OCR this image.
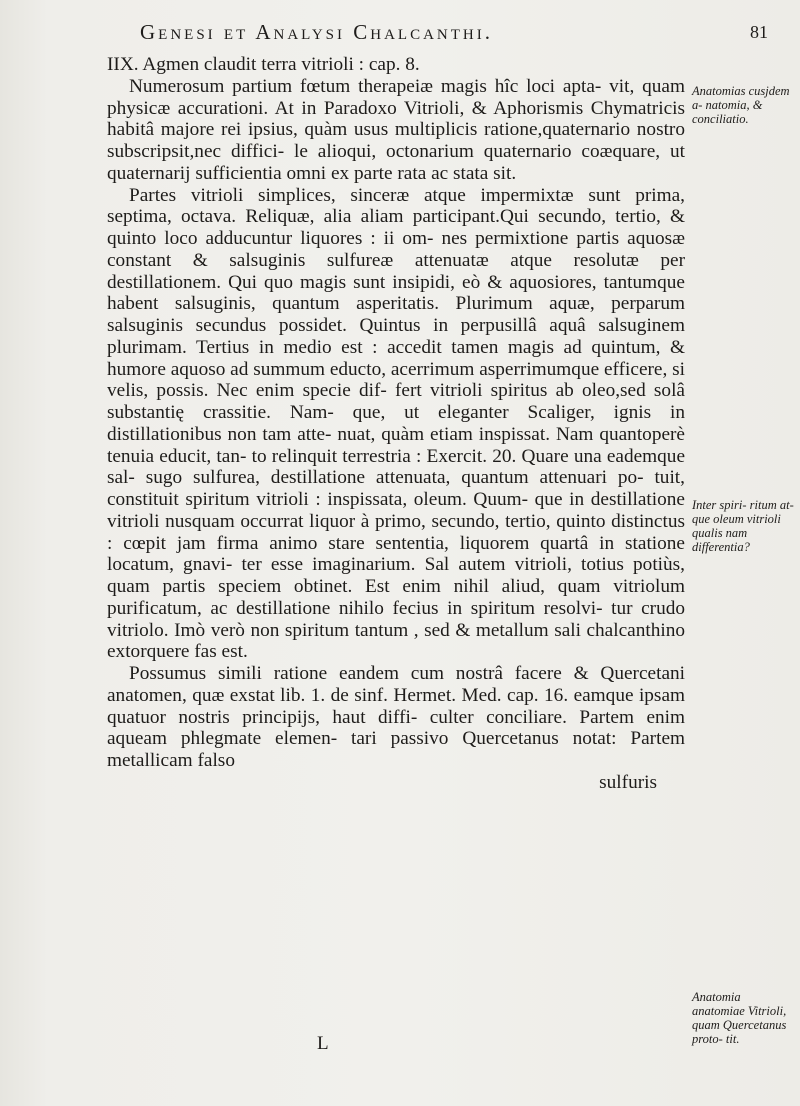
Genesi et Analysi Chalcanthi.	81

IIX. Agmen claudit terra vitrioli : cap. 8.

Numerosum partium fœtum therapeiæ magis hîc loci apta- vit, quam physicæ accurationi. At in Paradoxo Vitrioli, & Aphorismis Chymatricis habitâ majore rei ipsius, quàm usus multiplicis ratione,quaternario nostro subscripsit,nec diffici- le alioqui, octonarium quaternario coæquare, ut quaternarij sufficientia omni ex parte rata ac stata sit.

Partes vitrioli simplices, sinceræ atque impermixtæ sunt prima, septima, octava. Reliquæ, alia aliam participant.Qui secundo, tertio, & quinto loco adducuntur liquores : ii om- nes permixtione partis aquosæ constant & salsuginis sulfureæ attenuatæ atque resolutæ per destillationem. Qui quo magis sunt insipidi, eò & aquosiores, tantumque habent salsuginis, quantum asperitatis. Plurimum aquæ, perparum salsuginis secundus possidet. Quintus in perpusillâ aquâ salsuginem plurimam. Tertius in medio est : accedit tamen magis ad quintum, & humore aquoso ad summum eductο, acerrimum asperrimumque efficere, si velis, possis. Nec enim specie dif- fert vitrioli spiritus ab oleo,sed solâ substantię crassitie. Nam- que, ut eleganter Scaliger, ignis in distillationibus non tam atte- nuat, quàm etiam inspissat. Nam quantoperè tenuia educit, tan- to relinquit terrestria : Exercit. 20. Quare una eademque sal- sugo sulfurea, destillatione attenuata, quantum attenuari po- tuit, constituit spiritum vitrioli : inspissata, oleum. Quum- que in destillatione vitrioli nusquam occurrat liquor à primo, secundo, tertio, quinto distinctus : cœpit jam firma animo stare sententia, liquorem quartâ in statione locatum, gnavi- ter esse imaginarium. Sal autem vitrioli, totius potiùs, quam partis speciem obtinet. Est enim nihil aliud, quam vitriolum purificatum, ac destillatione nihilo fecius in spiritum resolvi- tur crudo vitriolo. Imò verò non spiritum tantum , sed & metallum sali chalcanthino extorquere fas est.

Possumus simili ratione eandem cum nostrâ facere & Quercetani anatomen, quæ exstat lib. 1. de sinf. Hermet. Med. cap. 16. eamque ipsam quatuor nostris principijs, haut diffi- culter conciliare. Partem enim aqueam phlegmate elemen- tari passivo Quercetanus notat: Partem metallicam falso

sulfuris

L
Anatomias cusjdem a- natomia, & conciliatio.
Inter spiri- ritum at- que oleum vitrioli qualis nam differentia?
Anatomia anatomiae Vitrioli, quam Quercetanus proto- tit.
